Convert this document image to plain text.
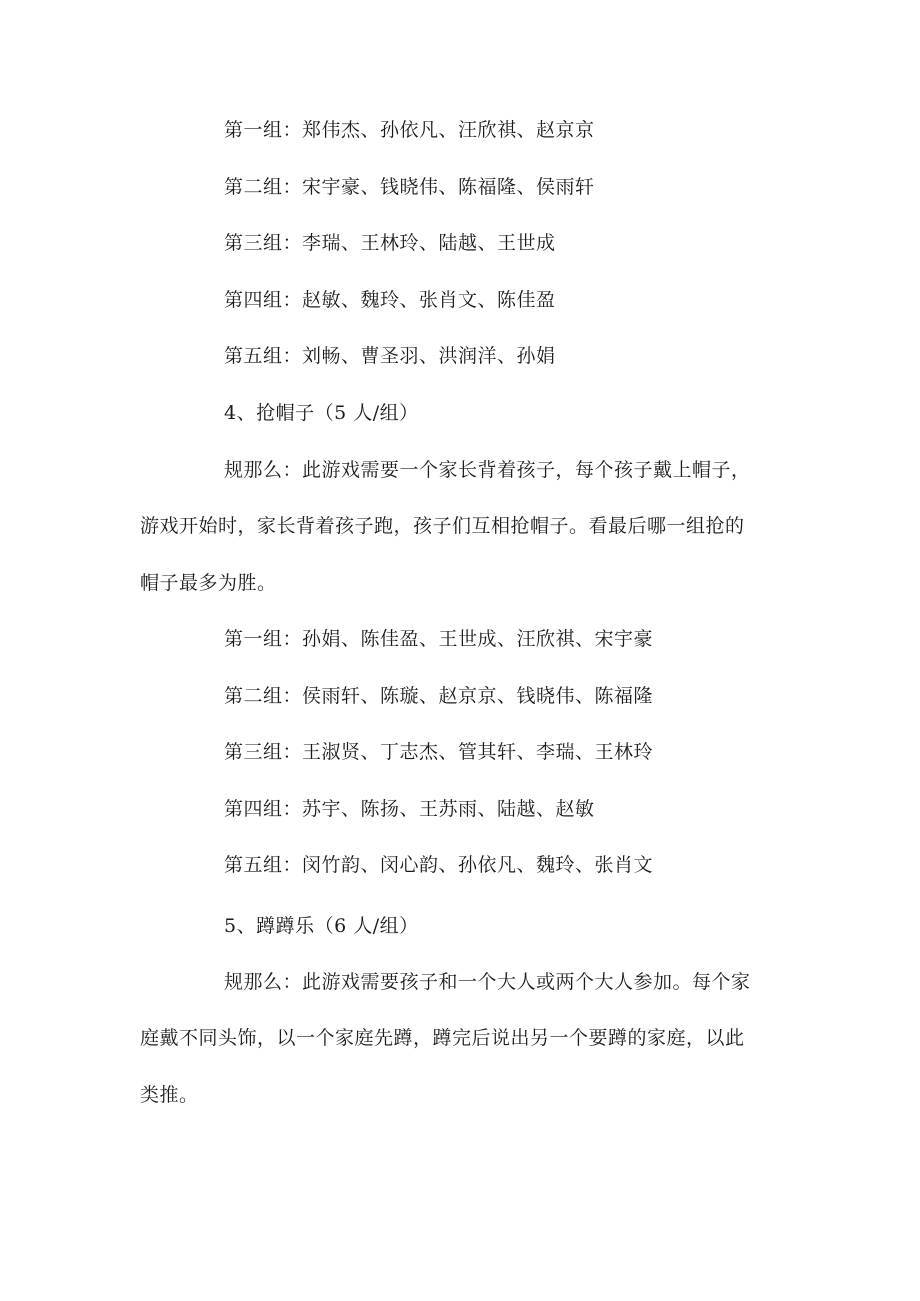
第一组：郑伟杰、孙依凡、汪欣祺、赵京京
第二组：宋宇豪、钱晓伟、陈福隆、侯雨轩
第三组：李瑞、王林玲、陆越、王世成
第四组：赵敏、魏玲、张肖文、陈佳盈
第五组：刘畅、曹圣羽、洪润洋、孙娟
4、抢帽子（5 人/组）
规那么：此游戏需要一个家长背着孩子，每个孩子戴上帽子，
游戏开始时，家长背着孩子跑，孩子们互相抢帽子。看最后哪一组抢的
帽子最多为胜。
第一组：孙娟、陈佳盈、王世成、汪欣祺、宋宇豪
第二组：侯雨轩、陈璇、赵京京、钱晓伟、陈福隆
第三组：王淑贤、丁志杰、管其轩、李瑞、王林玲
第四组：苏宇、陈扬、王苏雨、陆越、赵敏
第五组：闵竹韵、闵心韵、孙依凡、魏玲、张肖文
5、蹲蹲乐（6 人/组）
规那么：此游戏需要孩子和一个大人或两个大人参加。每个家
庭戴不同头饰，以一个家庭先蹲，蹲完后说出另一个要蹲的家庭，以此
类推。
